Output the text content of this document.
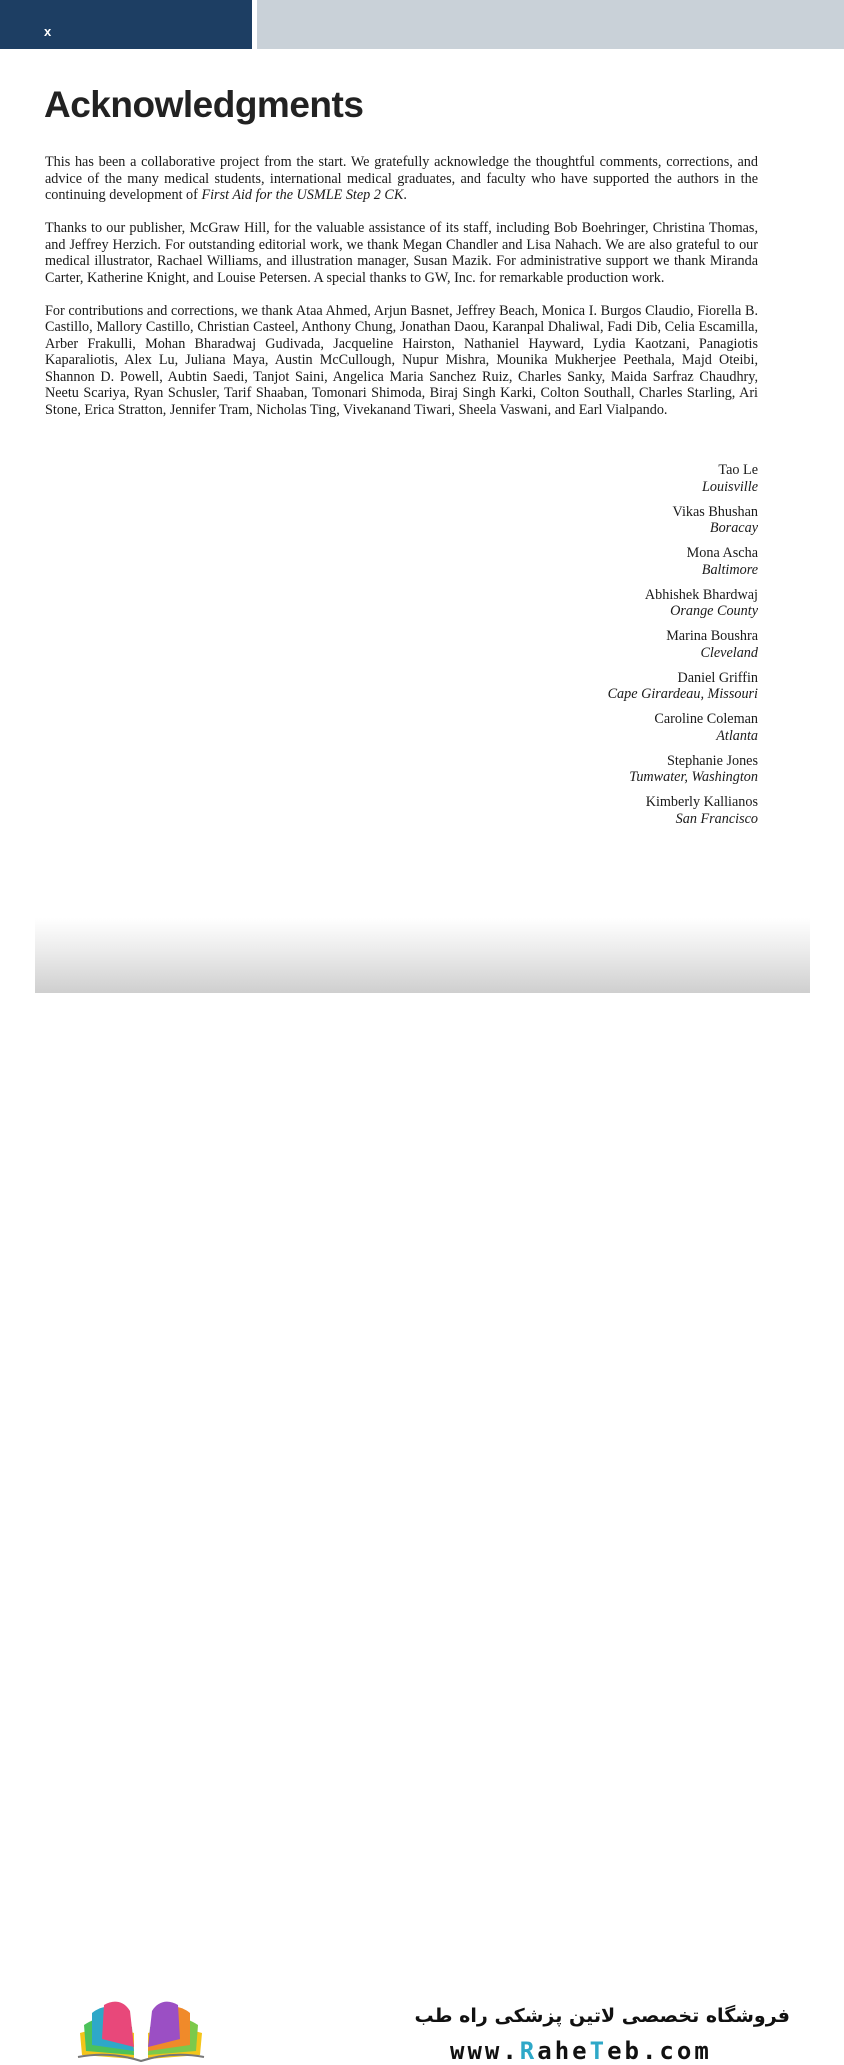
x
Acknowledgments

This has been a collaborative project from the start. We gratefully acknowledge the thoughtful comments, corrections, and advice of the many medical students, international medical graduates, and faculty who have supported the authors in the continuing development of First Aid for the USMLE Step 2 CK.

Thanks to our publisher, McGraw Hill, for the valuable assistance of its staff, including Bob Boehringer, Christina Thomas, and Jeffrey Herzich. For outstanding editorial work, we thank Megan Chandler and Lisa Nahach. We are also grateful to our medical illustrator, Rachael Williams, and illustration manager, Susan Mazik. For administrative support we thank Miranda Carter, Katherine Knight, and Louise Petersen. A special thanks to GW, Inc. for remarkable production work.

For contributions and corrections, we thank Ataa Ahmed, Arjun Basnet, Jeffrey Beach, Monica I. Burgos Claudio, Fiorella B. Castillo, Mallory Castillo, Christian Casteel, Anthony Chung, Jonathan Daou, Karanpal Dhaliwal, Fadi Dib, Celia Escamilla, Arber Frakulli, Mohan Bharadwaj Gudivada, Jacqueline Hairston, Nathaniel Hayward, Lydia Kaotzani, Panagiotis Kaparaliotis, Alex Lu, Juliana Maya, Austin McCullough, Nupur Mishra, Mounika Mukherjee Peethala, Majd Oteibi, Shannon D. Powell, Aubtin Saedi, Tanjot Saini, Angelica Maria Sanchez Ruiz, Charles Sanky, Maida Sarfraz Chaudhry, Neetu Scariya, Ryan Schusler, Tarif Shaaban, Tomonari Shimoda, Biraj Singh Karki, Colton Southall, Charles Starling, Ari Stone, Erica Stratton, Jennifer Tram, Nicholas Ting, Vivekanand Tiwari, Sheela Vaswani, and Earl Vialpando.

Tao Le
Louisville
Vikas Bhushan
Boracay
Mona Ascha
Baltimore
Abhishek Bhardwaj
Orange County
Marina Boushra
Cleveland
Daniel Griffin
Cape Girardeau, Missouri
Caroline Coleman
Atlanta
Stephanie Jones
Tumwater, Washington
Kimberly Kallianos
San Francisco
فروشگاه تخصصی لاتین پزشکی راه طب
www.RaheTeb.com
